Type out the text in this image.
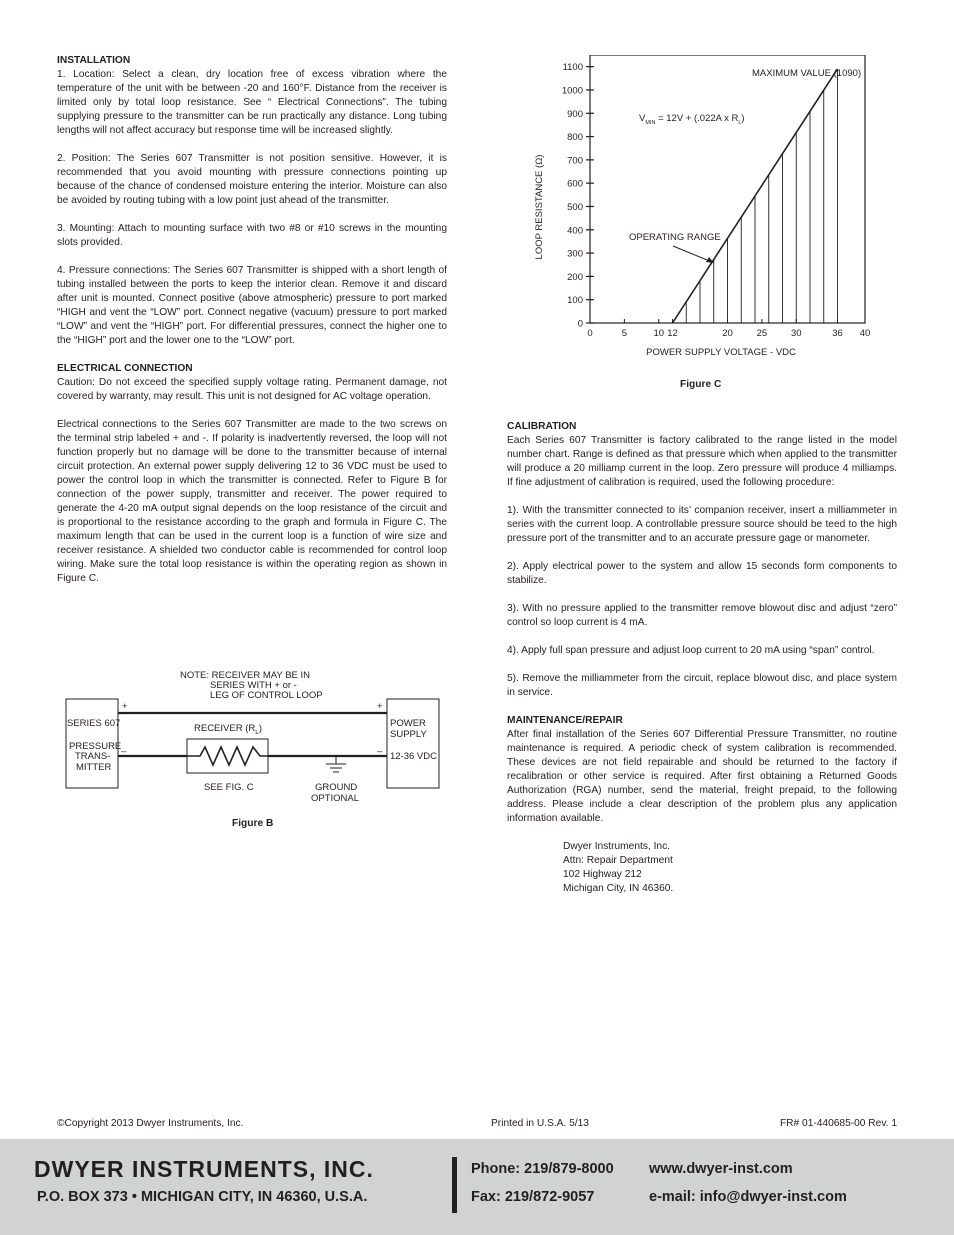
INSTALLATION

1. Location: Select a clean, dry location free of excess vibration where the temperature of the unit with be between -20 and 160°F. Distance from the receiver is limited only by total loop resistance. See “ Electrical Connections”. The tubing supplying pressure to the transmitter can be run practically any distance. Long tubing lengths will not affect accuracy but response time will be increased slightly.

2. Position: The Series 607 Transmitter is not position sensitive. However, it is recommended that you avoid mounting with pressure connections pointing up because of the chance of condensed moisture entering the interior. Moisture can also be avoided by routing tubing with a low point just ahead of the transmitter.

3. Mounting: Attach to mounting surface with two #8 or #10 screws in the mounting slots provided.

4. Pressure connections: The Series 607 Transmitter is shipped with a short length of tubing installed between the ports to keep the interior clean. Remove it and discard after unit is mounted. Connect positive (above atmospheric) pressure to port marked “HIGH and vent the “LOW” port. Connect negative (vacuum) pressure to port marked “LOW” and vent the “HIGH” port. For differential pressures, connect the higher one to the “HIGH” port and the lower one to the “LOW” port.

ELECTRICAL CONNECTION

Caution: Do not exceed the specified supply voltage rating. Permanent damage, not covered by warranty, may result. This unit is not designed for AC voltage operation.

Electrical connections to the Series 607 Transmitter are made to the two screws on the terminal strip labeled + and -. If polarity is inadvertently reversed, the loop will not function properly but no damage will be done to the transmitter because of internal circuit protection. An external power supply delivering 12 to 36 VDC must be used to power the control loop in which the transmitter is connected. Refer to Figure B for connection of the power supply, transmitter and receiver. The power required to generate the 4-20 mA output signal depends on the loop resistance of the circuit and is proportional to the resistance according to the graph and formula in Figure C. The maximum length that can be used in the current loop is a function of wire size and receiver resistance. A shielded two conductor cable is recommended for control loop wiring. Make sure the total loop resistance is within the operating region as shown in Figure C.

NOTE: RECEIVER MAY BE IN
SERIES WITH + or -
LEG OF CONTROL LOOP
SERIES 607
PRESSURE
TRANS-
MITTER
POWER
SUPPLY
12-36 VDC
+	+
–	–
RECEIVER $(R_L)$
SEE FIG. C	GROUND
OPTIONAL
Figure B
0
100
200
300
400
500
600
700
800
900
1000
1100
0	5	10 12	20	25	30	36 40
MAXIMUM VALUE (1090)
$V_{MIN} = 12V + (.022A$ x $R_L$)
OPERATING RANGE
POWER SUPPLY VOLTAGE - VDC
LOOP RESISTANCE (Ω)
Figure C

CALIBRATION

Each Series 607 Transmitter is factory calibrated to the range listed in the model number chart. Range is defined as that pressure which when applied to the transmitter will produce a 20 milliamp current in the loop. Zero pressure will produce 4 milliamps. If fine adjustment of calibration is required, used the following procedure:

1). With the transmitter connected to its’ companion receiver, insert a milliammeter in series with the current loop. A controllable pressure source should be teed to the high pressure port of the transmitter and to an accurate pressure gage or manometer.

2). Apply electrical power to the system and allow 15 seconds form components to stabilize.

3). With no pressure applied to the transmitter remove blowout disc and adjust “zero” control so loop current is 4 mA.

4). Apply full span pressure and adjust loop current to 20 mA using “span” control.

5). Remove the milliammeter from the circuit, replace blowout disc, and place system in service.

MAINTENANCE/REPAIR

After final installation of the Series 607 Differential Pressure Transmitter, no routine maintenance is required. A periodic check of system calibration is recommended. These devices are not field repairable and should be returned to the factory if recalibration or other service is required. After first obtaining a Returned Goods Authorization (RGA) number, send the material, freight prepaid, to the following address. Please include a clear description of the problem plus any application information available.

Dwyer Instruments, Inc.
Attn: Repair Department
102 Highway 212
Michigan City, IN 46360.
©Copyright 2013 Dwyer Instruments, Inc.	Printed in U.S.A. 5/13	FR# 01-440685-00 Rev. 1
DWYER INSTRUMENTS, INC.
P.O. BOX 373 • MICHIGAN CITY, IN 46360, U.S.A.
Phone: 219/879-8000
Fax: 219/872-9057
www.dwyer-inst.com
e-mail: info@dwyer-inst.com
